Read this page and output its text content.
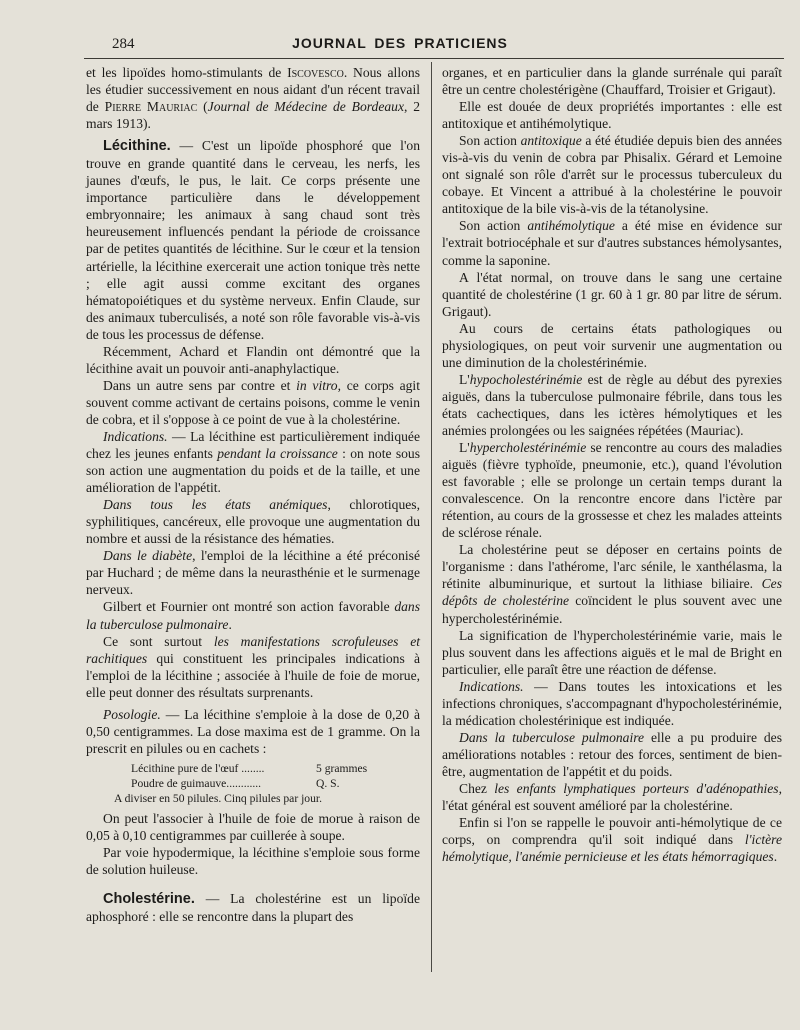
284	JOURNAL DES PRATICIENS

et les lipoïdes homo-stimulants de Iscovesco. Nous allons les étudier successivement en nous aidant d'un récent travail de Pierre Mauriac (Journal de Médecine de Bordeaux, 2 mars 1913).

Lécithine. — C'est un lipoïde phosphoré que l'on trouve en grande quantité dans le cerveau, les nerfs, les jaunes d'œufs, le pus, le lait. Ce corps présente une importance particulière dans le développement embryonnaire; les animaux à sang chaud sont très heureusement influencés pendant la période de croissance par de petites quantités de lécithine. Sur le cœur et la tension artérielle, la lécithine exercerait une action tonique très nette ; elle agit aussi comme excitant des organes hématopoiétiques et du système nerveux. Enfin Claude, sur des animaux tuberculisés, a noté son rôle favorable vis-à-vis de tous les processus de défense.

Récemment, Achard et Flandin ont démontré que la lécithine avait un pouvoir anti-anaphylactique.

Dans un autre sens par contre et in vitro, ce corps agit souvent comme activant de certains poisons, comme le venin de cobra, et il s'oppose à ce point de vue à la cholestérine.

Indications. — La lécithine est particulièrement indiquée chez les jeunes enfants pendant la croissance : on note sous son action une augmentation du poids et de la taille, et une amélioration de l'appétit.

Dans tous les états anémiques, chlorotiques, syphilitiques, cancéreux, elle provoque une augmentation du nombre et aussi de la résistance des hématies.

Dans le diabète, l'emploi de la lécithine a été préconisé par Huchard ; de même dans la neurasthénie et le surmenage nerveux.

Gilbert et Fournier ont montré son action favorable dans la tuberculose pulmonaire.

Ce sont surtout les manifestations scrofuleuses et rachitiques qui constituent les principales indications à l'emploi de la lécithine ; associée à l'huile de foie de morue, elle peut donner des résultats surprenants.

Posologie. — La lécithine s'emploie à la dose de 0,20 à 0,50 centigrammes. La dose maxima est de 1 gramme. On la prescrit en pilules ou en cachets :

Lécithine pure de l'œuf ........	5 grammes
Poudre de guimauve............	Q. S.
A diviser en 50 pilules. Cinq pilules par jour.

On peut l'associer à l'huile de foie de morue à raison de 0,05 à 0,10 centigrammes par cuillerée à soupe.

Par voie hypodermique, la lécithine s'emploie sous forme de solution huileuse.

Cholestérine. — La cholestérine est un lipoïde aphosphoré : elle se rencontre dans la plupart des

organes, et en particulier dans la glande surrénale qui paraît être un centre cholestérigène (Chauffard, Troisier et Grigaut).

Elle est douée de deux propriétés importantes : elle est antitoxique et antihémolytique.

Son action antitoxique a été étudiée depuis bien des années vis-à-vis du venin de cobra par Phisalix. Gérard et Lemoine ont signalé son rôle d'arrêt sur le processus tuberculeux du cobaye. Et Vincent a attribué à la cholestérine le pouvoir antitoxique de la bile vis-à-vis de la tétanolysine.

Son action antihémolytique a été mise en évidence sur l'extrait botriocéphale et sur d'autres substances hémolysantes, comme la saponine.

A l'état normal, on trouve dans le sang une certaine quantité de cholestérine (1 gr. 60 à 1 gr. 80 par litre de sérum. Grigaut).

Au cours de certains états pathologiques ou physiologiques, on peut voir survenir une augmentation ou une diminution de la cholestérinémie.

L'hypocholestérinémie est de règle au début des pyrexies aiguës, dans la tuberculose pulmonaire fébrile, dans tous les états cachectiques, dans les ictères hémolytiques et les anémies prolongées ou les saignées répétées (Mauriac).

L'hypercholestérinémie se rencontre au cours des maladies aiguës (fièvre typhoïde, pneumonie, etc.), quand l'évolution est favorable ; elle se prolonge un certain temps durant la convalescence. On la rencontre encore dans l'ictère par rétention, au cours de la grossesse et chez les malades atteints de sclérose rénale.

La cholestérine peut se déposer en certains points de l'organisme : dans l'athérome, l'arc sénile, le xanthélasma, la rétinite albuminurique, et surtout la lithiase biliaire. Ces dépôts de cholestérine coïncident le plus souvent avec une hypercholestérinémie.

La signification de l'hypercholestérinémie varie, mais le plus souvent dans les affections aiguës et le mal de Bright en particulier, elle paraît être une réaction de défense.

Indications. — Dans toutes les intoxications et les infections chroniques, s'accompagnant d'hypocholestérinémie, la médication cholestérinique est indiquée.

Dans la tuberculose pulmonaire elle a pu produire des améliorations notables : retour des forces, sentiment de bien-être, augmentation de l'appétit et du poids.

Chez les enfants lymphatiques porteurs d'adénopathies, l'état général est souvent amélioré par la cholestérine.

Enfin si l'on se rappelle le pouvoir anti-hémolytique de ce corps, on comprendra qu'il soit indiqué dans l'ictère hémolytique, l'anémie pernicieuse et les états hémorragiques.
